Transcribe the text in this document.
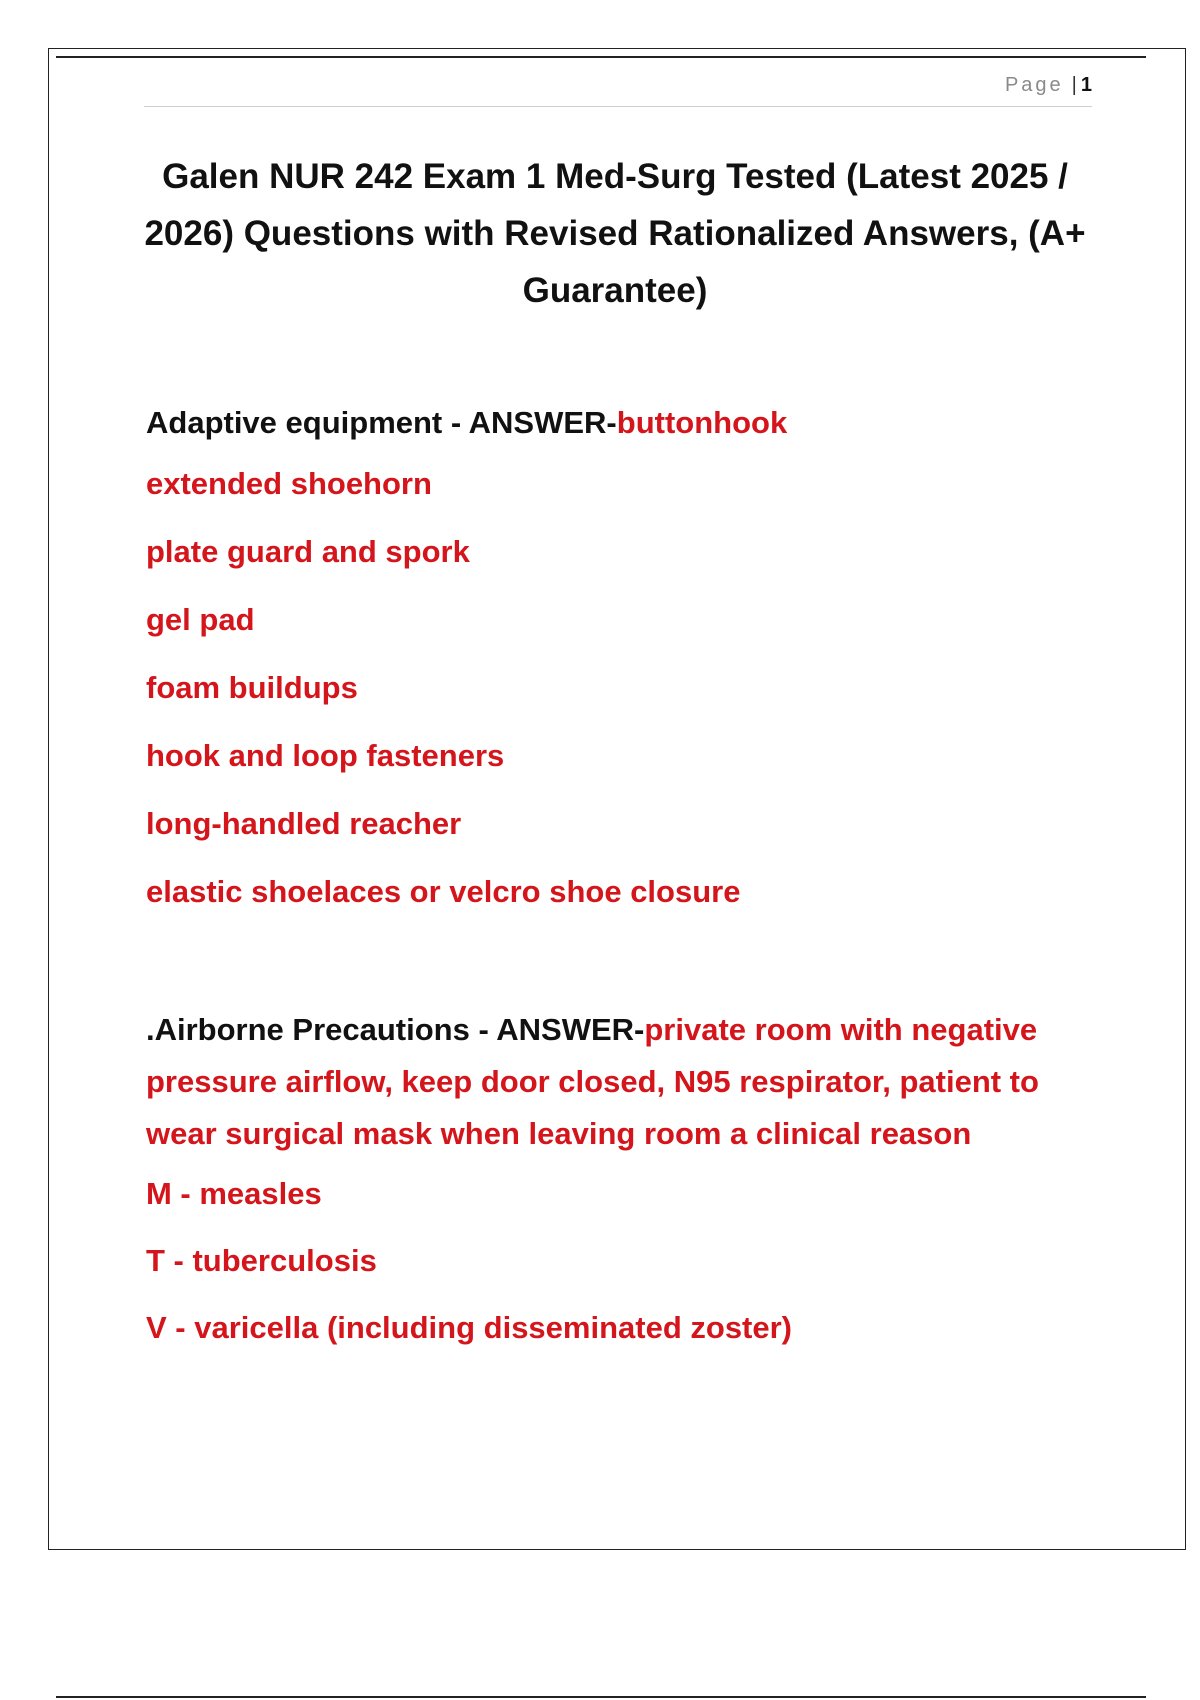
Page | 1
Galen NUR 242 Exam 1 Med-Surg Tested (Latest 2025 / 2026) Questions with Revised Rationalized Answers, (A+ Guarantee)

Adaptive equipment - ANSWER-buttonhook

extended shoehorn

plate guard and spork

gel pad

foam buildups

hook and loop fasteners

long-handled reacher

elastic shoelaces or velcro shoe closure

.Airborne Precautions - ANSWER-private room with negative pressure airflow, keep door closed, N95 respirator, patient to wear surgical mask when leaving room a clinical reason

M - measles

T - tuberculosis

V - varicella (including disseminated zoster)
